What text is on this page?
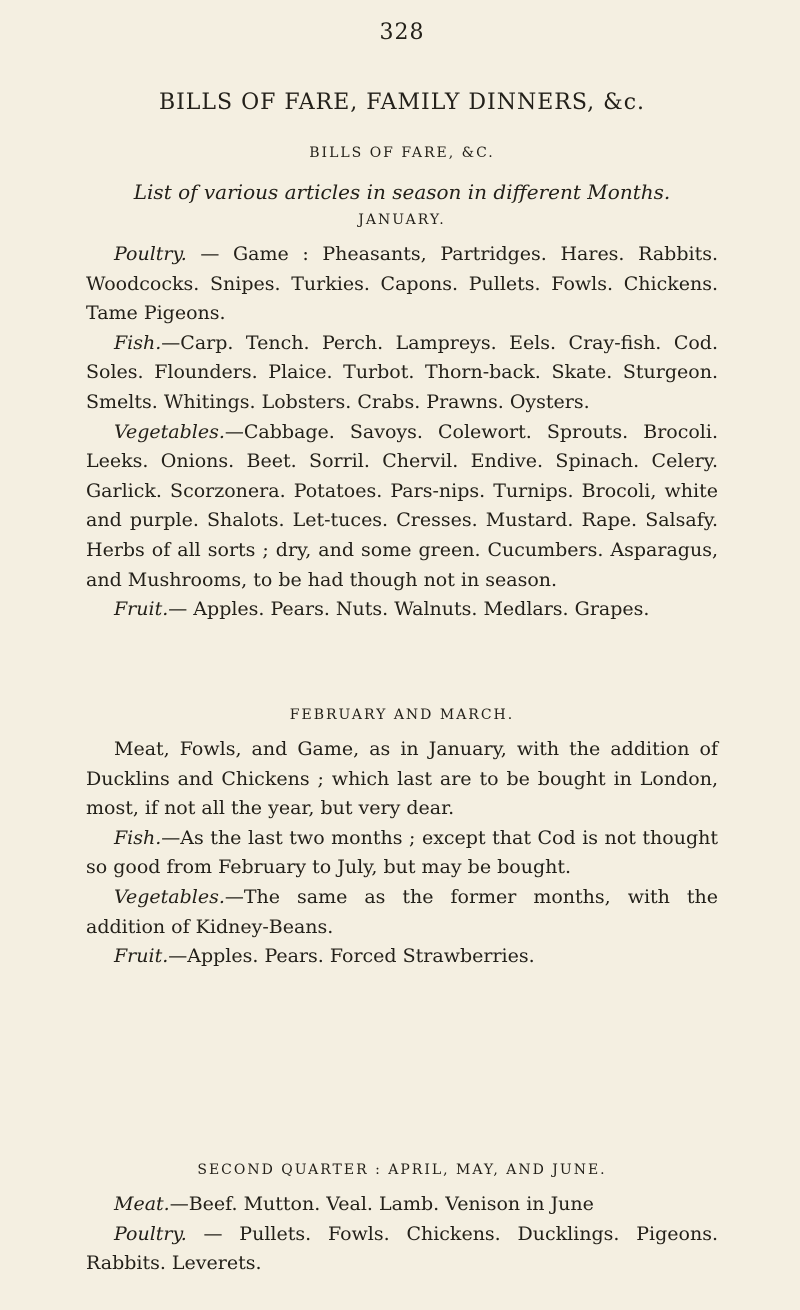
328
BILLS OF FARE, FAMILY DINNERS, &c.
BILLS OF FARE, &C.
List of various articles in season in different Months.
JANUARY.

Poultry. — Game : Pheasants, Partridges. Hares. Rabbits. Woodcocks. Snipes. Turkies. Capons. Pullets. Fowls. Chickens. Tame Pigeons.

Fish.—Carp. Tench. Perch. Lampreys. Eels. Cray-fish. Cod. Soles. Flounders. Plaice. Turbot. Thorn-back. Skate. Sturgeon. Smelts. Whitings. Lobsters. Crabs. Prawns. Oysters.

Vegetables.—Cabbage. Savoys. Colewort. Sprouts. Brocoli. Leeks. Onions. Beet. Sorril. Chervil. Endive. Spinach. Celery. Garlick. Scorzonera. Potatoes. Pars-nips. Turnips. Brocoli, white and purple. Shalots. Let-tuces. Cresses. Mustard. Rape. Salsafy. Herbs of all sorts ; dry, and some green. Cucumbers. Asparagus, and Mushrooms, to be had though not in season.

Fruit.— Apples. Pears. Nuts. Walnuts. Medlars. Grapes.

FEBRUARY AND MARCH.

Meat, Fowls, and Game, as in January, with the addition of Ducklins and Chickens ; which last are to be bought in London, most, if not all the year, but very dear.

Fish.—As the last two months ; except that Cod is not thought so good from February to July, but may be bought.

Vegetables.—The same as the former months, with the addition of Kidney-Beans.

Fruit.—Apples. Pears. Forced Strawberries.

SECOND QUARTER : APRIL, MAY, AND JUNE.

Meat.—Beef. Mutton. Veal. Lamb. Venison in June

Poultry. — Pullets. Fowls. Chickens. Ducklings. Pigeons. Rabbits. Leverets.
